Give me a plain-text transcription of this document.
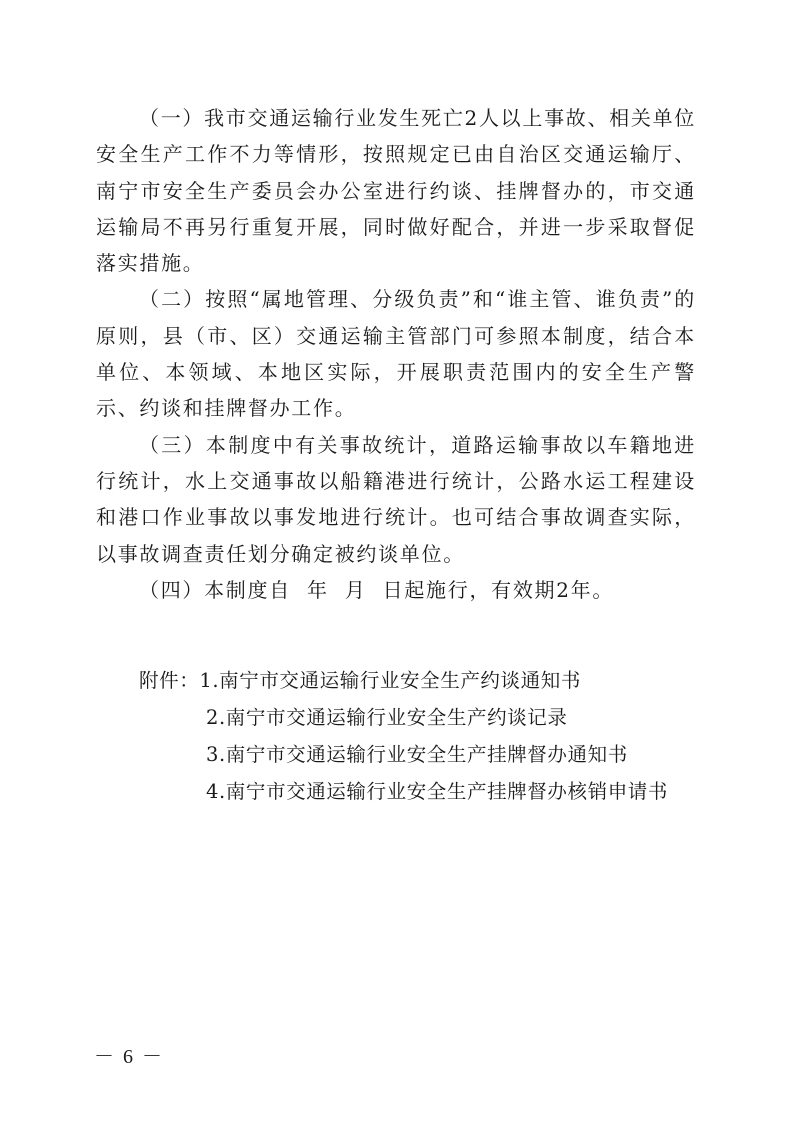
（一）我市交通运输行业发生死亡2人以上事故、相关单位安全生产工作不力等情形，按照规定已由自治区交通运输厅、南宁市安全生产委员会办公室进行约谈、挂牌督办的，市交通运输局不再另行重复开展，同时做好配合，并进一步采取督促落实措施。

（二）按照“属地管理、分级负责”和“谁主管、谁负责”的原则，县（市、区）交通运输主管部门可参照本制度，结合本单位、本领域、本地区实际，开展职责范围内的安全生产警示、约谈和挂牌督办工作。

（三）本制度中有关事故统计，道路运输事故以车籍地进行统计，水上交通事故以船籍港进行统计，公路水运工程建设和港口作业事故以事发地进行统计。也可结合事故调查实际，以事故调查责任划分确定被约谈单位。

（四）本制度自  年  月  日起施行，有效期2年。

附件：1.南宁市交通运输行业安全生产约谈通知书
2.南宁市交通运输行业安全生产约谈记录
3.南宁市交通运输行业安全生产挂牌督办通知书
4.南宁市交通运输行业安全生产挂牌督办核销申请书
－ 6 －
